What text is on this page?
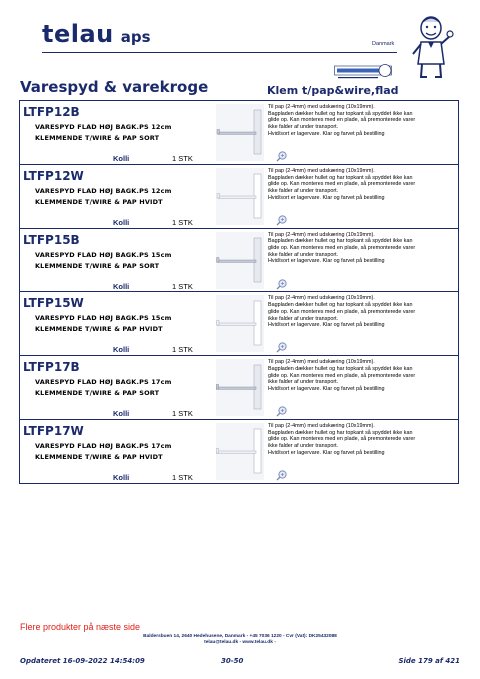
telau aps	Danmark
Varespyd & varekroge	Klem t/pap&wire,flad
LTFP12B
VARESPYD FLAD HØJ BAGK.PS 12cm
KLEMMENDE T/WIRE & PAP SORT
Kolli	1 STK
Til pap (2-4mm) med udskæring (10x19mm).
Bagpladen dækker hullet og har topkant så spyddet ikke kan
glide op. Kan monteres med en plade, så premonterede varer
ikke falder af under transport.
Hvid/sort er lagervare. Klar og farvet på bestilling
LTFP12W
VARESPYD FLAD HØJ BAGK.PS 12cm
KLEMMENDE T/WIRE & PAP HVIDT
Kolli	1 STK
Til pap (2-4mm) med udskæring (10x19mm).
Bagpladen dækker hullet og har topkant så spyddet ikke kan
glide op. Kan monteres med en plade, så premonterede varer
ikke falder af under transport.
Hvid/sort er lagervare. Klar og farvet på bestilling
LTFP15B
VARESPYD FLAD HØJ BAGK.PS 15cm
KLEMMENDE T/WIRE & PAP SORT
Kolli	1 STK
Til pap (2-4mm) med udskæring (10x19mm).
Bagpladen dækker hullet og har topkant så spyddet ikke kan
glide op. Kan monteres med en plade, så premonterede varer
ikke falder af under transport.
Hvid/sort er lagervare. Klar og farvet på bestilling
LTFP15W
VARESPYD FLAD HØJ BAGK.PS 15cm
KLEMMENDE T/WIRE & PAP HVIDT
Kolli	1 STK
Til pap (2-4mm) med udskæring (10x19mm).
Bagpladen dækker hullet og har topkant så spyddet ikke kan
glide op. Kan monteres med en plade, så premonterede varer
ikke falder af under transport.
Hvid/sort er lagervare. Klar og farvet på bestilling
LTFP17B
VARESPYD FLAD HØJ BAGK.PS 17cm
KLEMMENDE T/WIRE & PAP SORT
Kolli	1 STK
Til pap (2-4mm) med udskæring (10x19mm).
Bagpladen dækker hullet og har topkant så spyddet ikke kan
glide op. Kan monteres med en plade, så premonterede varer
ikke falder af under transport.
Hvid/sort er lagervare. Klar og farvet på bestilling
LTFP17W
VARESPYD FLAD HØJ BAGK.PS 17cm
KLEMMENDE T/WIRE & PAP HVIDT
Kolli	1 STK
Til pap (2-4mm) med udskæring (10x19mm).
Bagpladen dækker hullet og har topkant så spyddet ikke kan
glide op. Kan monteres med en plade, så premonterede varer
ikke falder af under transport.
Hvid/sort er lagervare. Klar og farvet på bestilling
Flere produkter på næste side
Baldersbuen 14, 2640 Hedehusene, Danmark - +45 7036 1220 - Cvr (Vat): DK25432088
telau@telau.dk - www.telau.dk -
Opdateret 16-09-2022 14:54:09	30-50	Side 179 af 421
